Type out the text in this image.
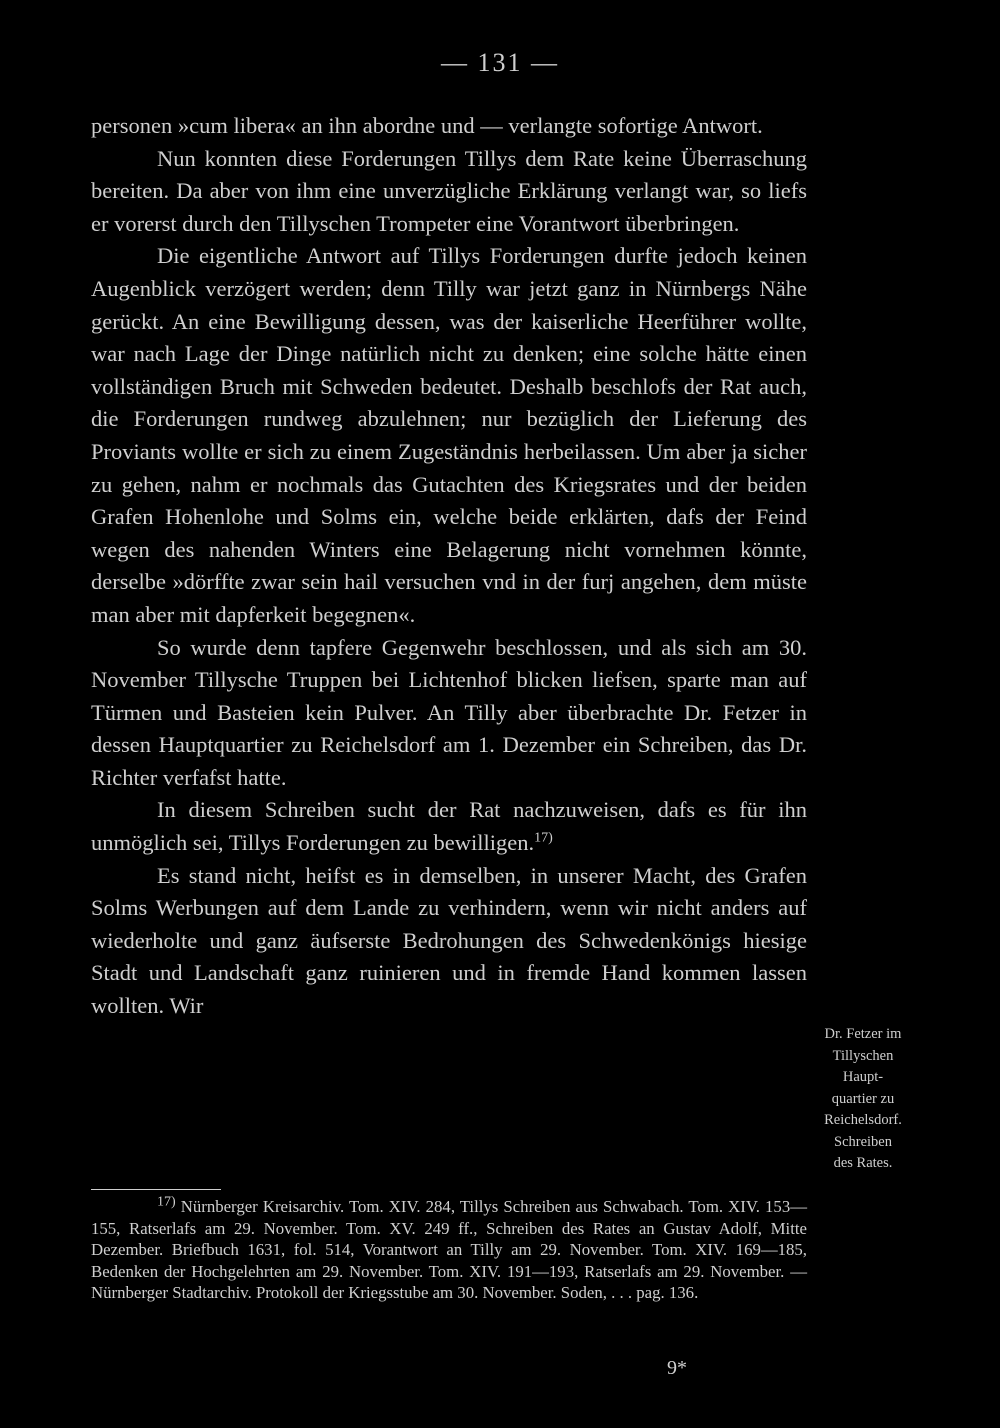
— 131 —

personen »cum libera« an ihn abordne und — verlangte sofortige Antwort.

Nun konnten diese Forderungen Tillys dem Rate keine Überraschung bereiten. Da aber von ihm eine unverzügliche Erklärung verlangt war, so liefs er vorerst durch den Tillyschen Trompeter eine Vorantwort überbringen.

Die eigentliche Antwort auf Tillys Forderungen durfte jedoch keinen Augenblick verzögert werden; denn Tilly war jetzt ganz in Nürnbergs Nähe gerückt. An eine Bewilligung dessen, was der kaiserliche Heerführer wollte, war nach Lage der Dinge natürlich nicht zu denken; eine solche hätte einen vollständigen Bruch mit Schweden bedeutet. Deshalb beschlofs der Rat auch, die Forderungen rundweg abzulehnen; nur bezüglich der Lieferung des Proviants wollte er sich zu einem Zugeständnis herbeilassen. Um aber ja sicher zu gehen, nahm er nochmals das Gutachten des Kriegsrates und der beiden Grafen Hohenlohe und Solms ein, welche beide erklärten, dafs der Feind wegen des nahenden Winters eine Belagerung nicht vornehmen könnte, derselbe »dörffte zwar sein hail versuchen vnd in der furj angehen, dem müste man aber mit dapferkeit begegnen«.

So wurde denn tapfere Gegenwehr beschlossen, und als sich am 30. November Tillysche Truppen bei Lichtenhof blicken liefsen, sparte man auf Türmen und Basteien kein Pulver. An Tilly aber überbrachte Dr. Fetzer in dessen Hauptquartier zu Reichelsdorf am 1. Dezember ein Schreiben, das Dr. Richter verfafst hatte.

In diesem Schreiben sucht der Rat nachzuweisen, dafs es für ihn unmöglich sei, Tillys Forderungen zu bewilligen.$^{17)}$

Es stand nicht, heifst es in demselben, in unserer Macht, des Grafen Solms Werbungen auf dem Lande zu verhindern, wenn wir nicht anders auf wiederholte und ganz äufserste Bedrohungen des Schwedenkönigs hiesige Stadt und Landschaft ganz ruinieren und in fremde Hand kommen lassen wollten. Wir

Dr. Fetzer im
Tillyschen
Haupt-
quartier zu
Reichelsdorf.
Schreiben
des Rates.

$^{17)}$ Nürnberger Kreisarchiv. Tom. XIV. 284, Tillys Schreiben aus Schwabach. Tom. XIV. 153—155, Ratserlafs am 29. November. Tom. XV. 249 ff., Schreiben des Rates an Gustav Adolf, Mitte Dezember. Briefbuch 1631, fol. 514, Vorantwort an Tilly am 29. November. Tom. XIV. 169—185, Bedenken der Hochgelehrten am 29. November. Tom. XIV. 191—193, Ratserlafs am 29. November. — Nürnberger Stadtarchiv. Protokoll der Kriegsstube am 30. November. Soden, . . . pag. 136.

9*
